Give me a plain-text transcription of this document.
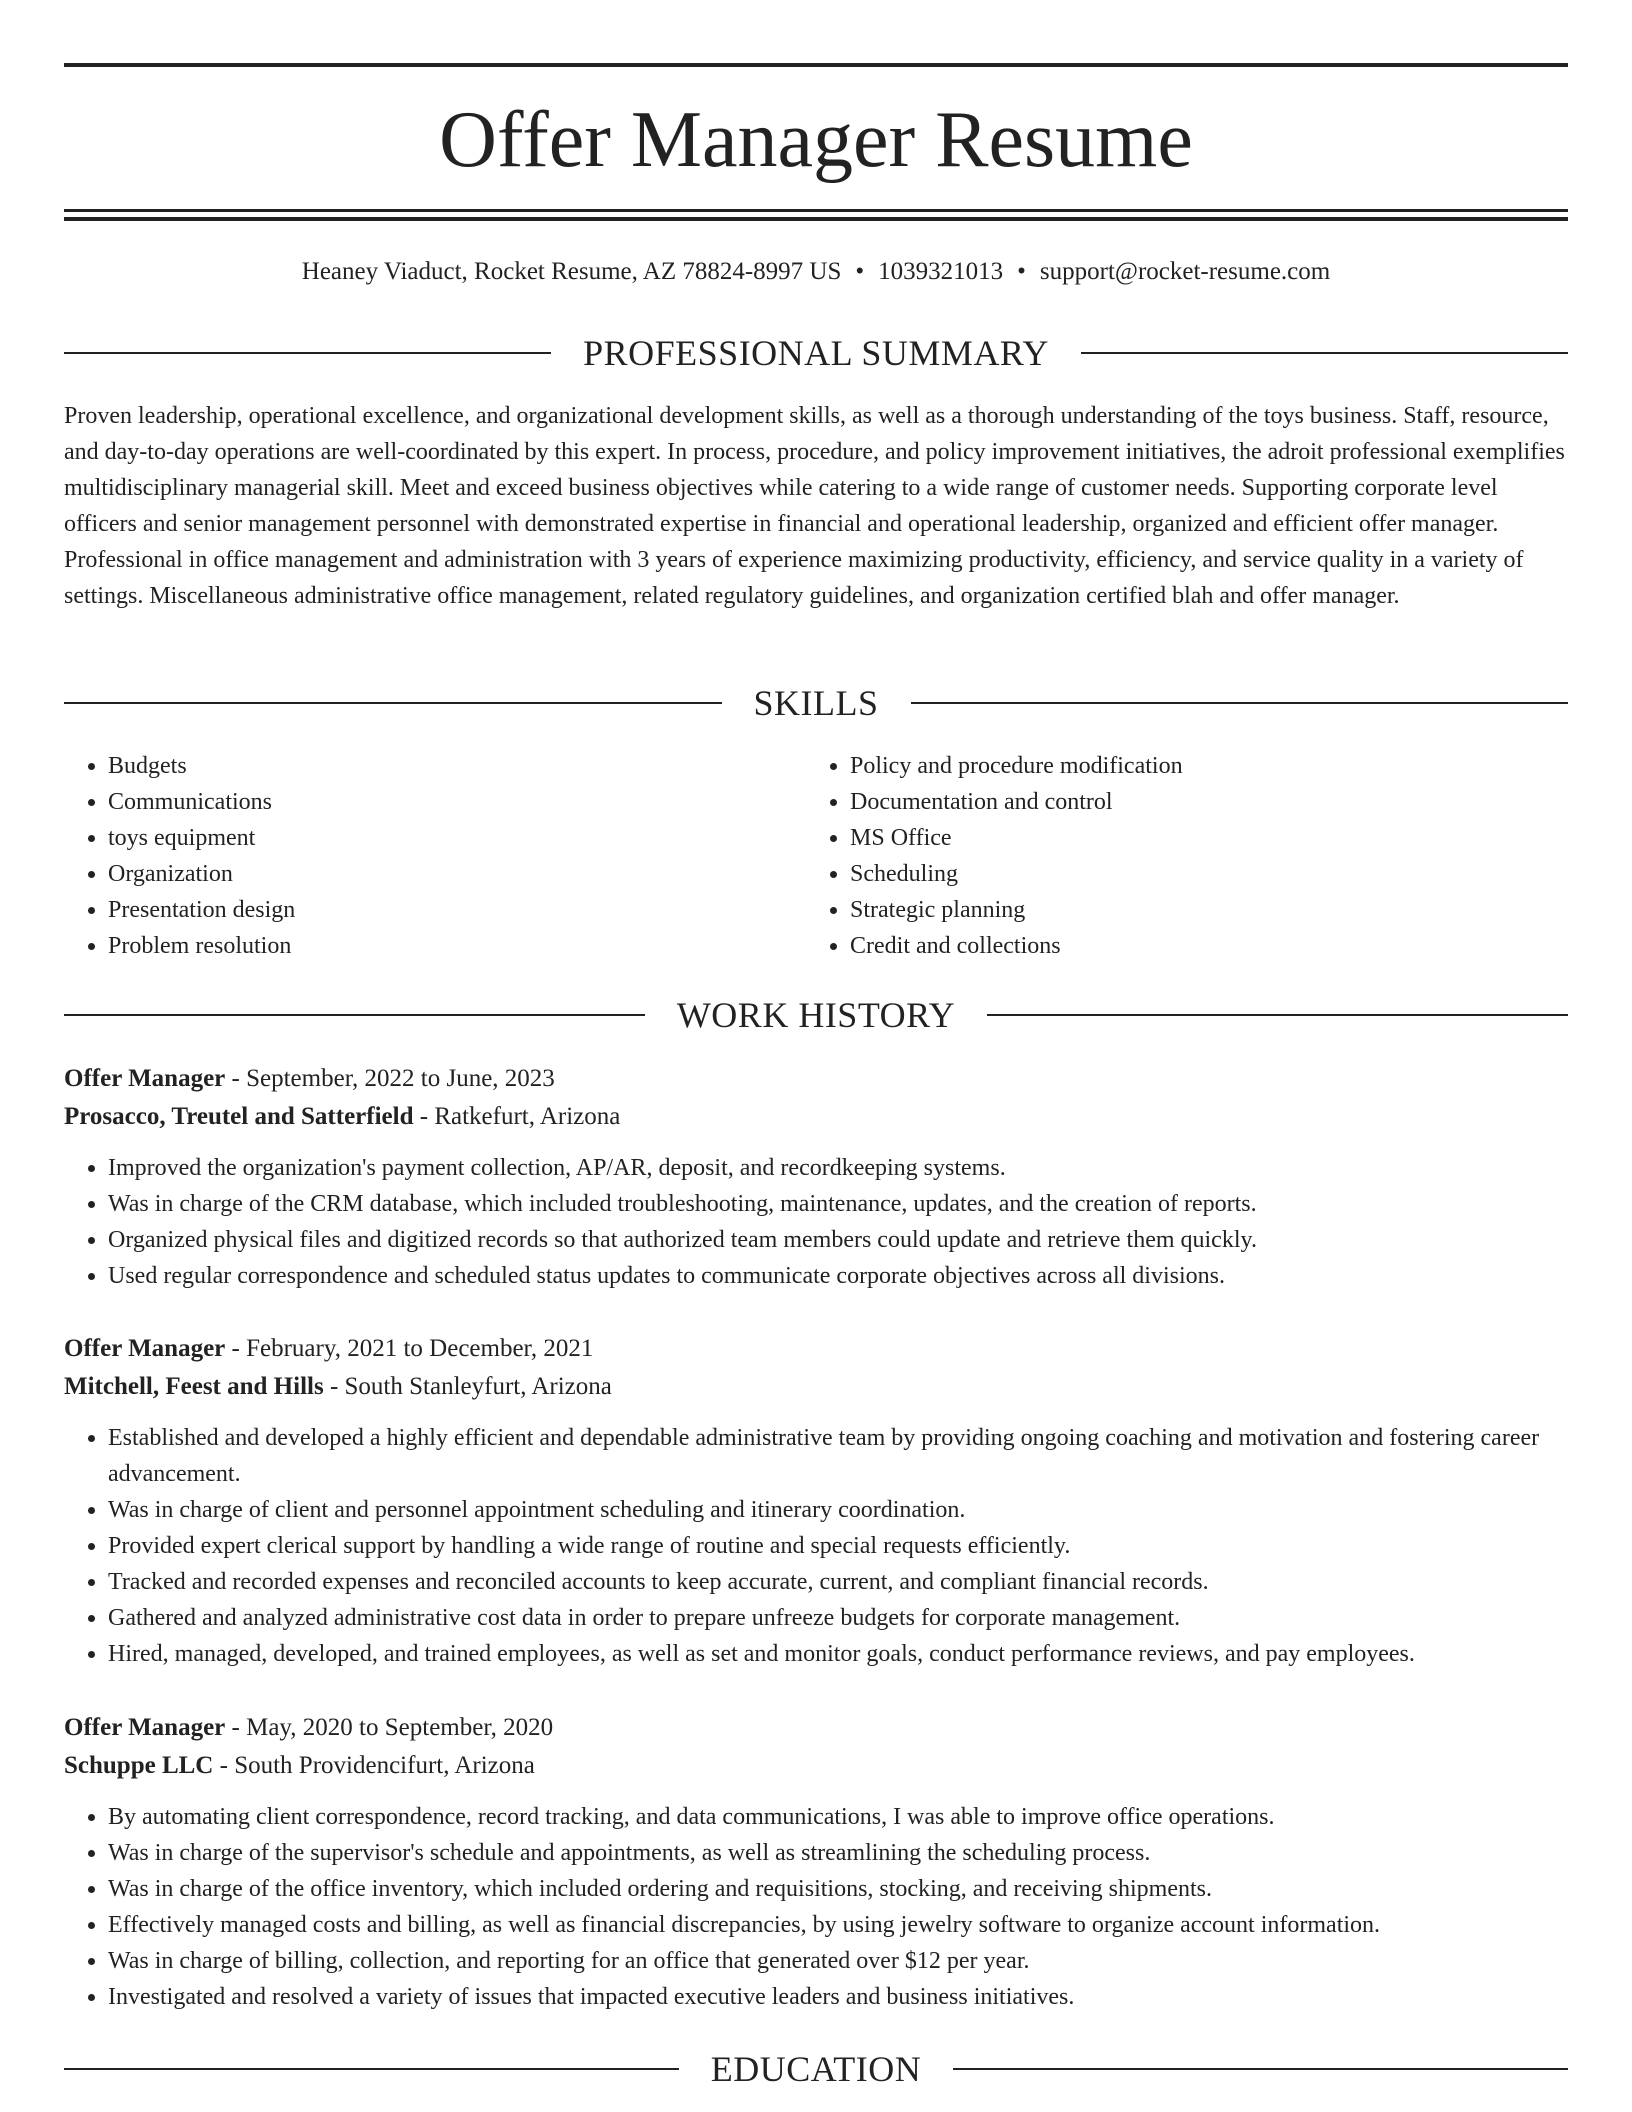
Offer Manager Resume
Heaney Viaduct, Rocket Resume, AZ 78824-8997 US • 1039321013 • support@rocket-resume.com
PROFESSIONAL SUMMARY

Proven leadership, operational excellence, and organizational development skills, as well as a thorough understanding of the toys business. Staff, resource, and day-to-day operations are well-coordinated by this expert. In process, procedure, and policy improvement initiatives, the adroit professional exemplifies multidisciplinary managerial skill. Meet and exceed business objectives while catering to a wide range of customer needs. Supporting corporate level officers and senior management personnel with demonstrated expertise in financial and operational leadership, organized and efficient offer manager. Professional in office management and administration with 3 years of experience maximizing productivity, efficiency, and service quality in a variety of settings. Miscellaneous administrative office management, related regulatory guidelines, and organization certified blah and offer manager.

SKILLS
• Budgets
• Communications
• toys equipment
• Organization
• Presentation design
• Problem resolution
• Policy and procedure modification
• Documentation and control
• MS Office
• Scheduling
• Strategic planning
• Credit and collections
WORK HISTORY
Offer Manager - September, 2022 to June, 2023
Prosacco, Treutel and Satterfield - Ratkefurt, Arizona
• Improved the organization's payment collection, AP/AR, deposit, and recordkeeping systems.
• Was in charge of the CRM database, which included troubleshooting, maintenance, updates, and the creation of reports.
• Organized physical files and digitized records so that authorized team members could update and retrieve them quickly.
• Used regular correspondence and scheduled status updates to communicate corporate objectives across all divisions.
Offer Manager - February, 2021 to December, 2021
Mitchell, Feest and Hills - South Stanleyfurt, Arizona
• Established and developed a highly efficient and dependable administrative team by providing ongoing coaching and motivation and fostering career advancement.
• Was in charge of client and personnel appointment scheduling and itinerary coordination.
• Provided expert clerical support by handling a wide range of routine and special requests efficiently.
• Tracked and recorded expenses and reconciled accounts to keep accurate, current, and compliant financial records.
• Gathered and analyzed administrative cost data in order to prepare unfreeze budgets for corporate management.
• Hired, managed, developed, and trained employees, as well as set and monitor goals, conduct performance reviews, and pay employees.
Offer Manager - May, 2020 to September, 2020
Schuppe LLC - South Providencifurt, Arizona
• By automating client correspondence, record tracking, and data communications, I was able to improve office operations.
• Was in charge of the supervisor's schedule and appointments, as well as streamlining the scheduling process.
• Was in charge of the office inventory, which included ordering and requisitions, stocking, and receiving shipments.
• Effectively managed costs and billing, as well as financial discrepancies, by using jewelry software to organize account information.
• Was in charge of billing, collection, and reporting for an office that generated over $12 per year.
• Investigated and resolved a variety of issues that impacted executive leaders and business initiatives.
EDUCATION
